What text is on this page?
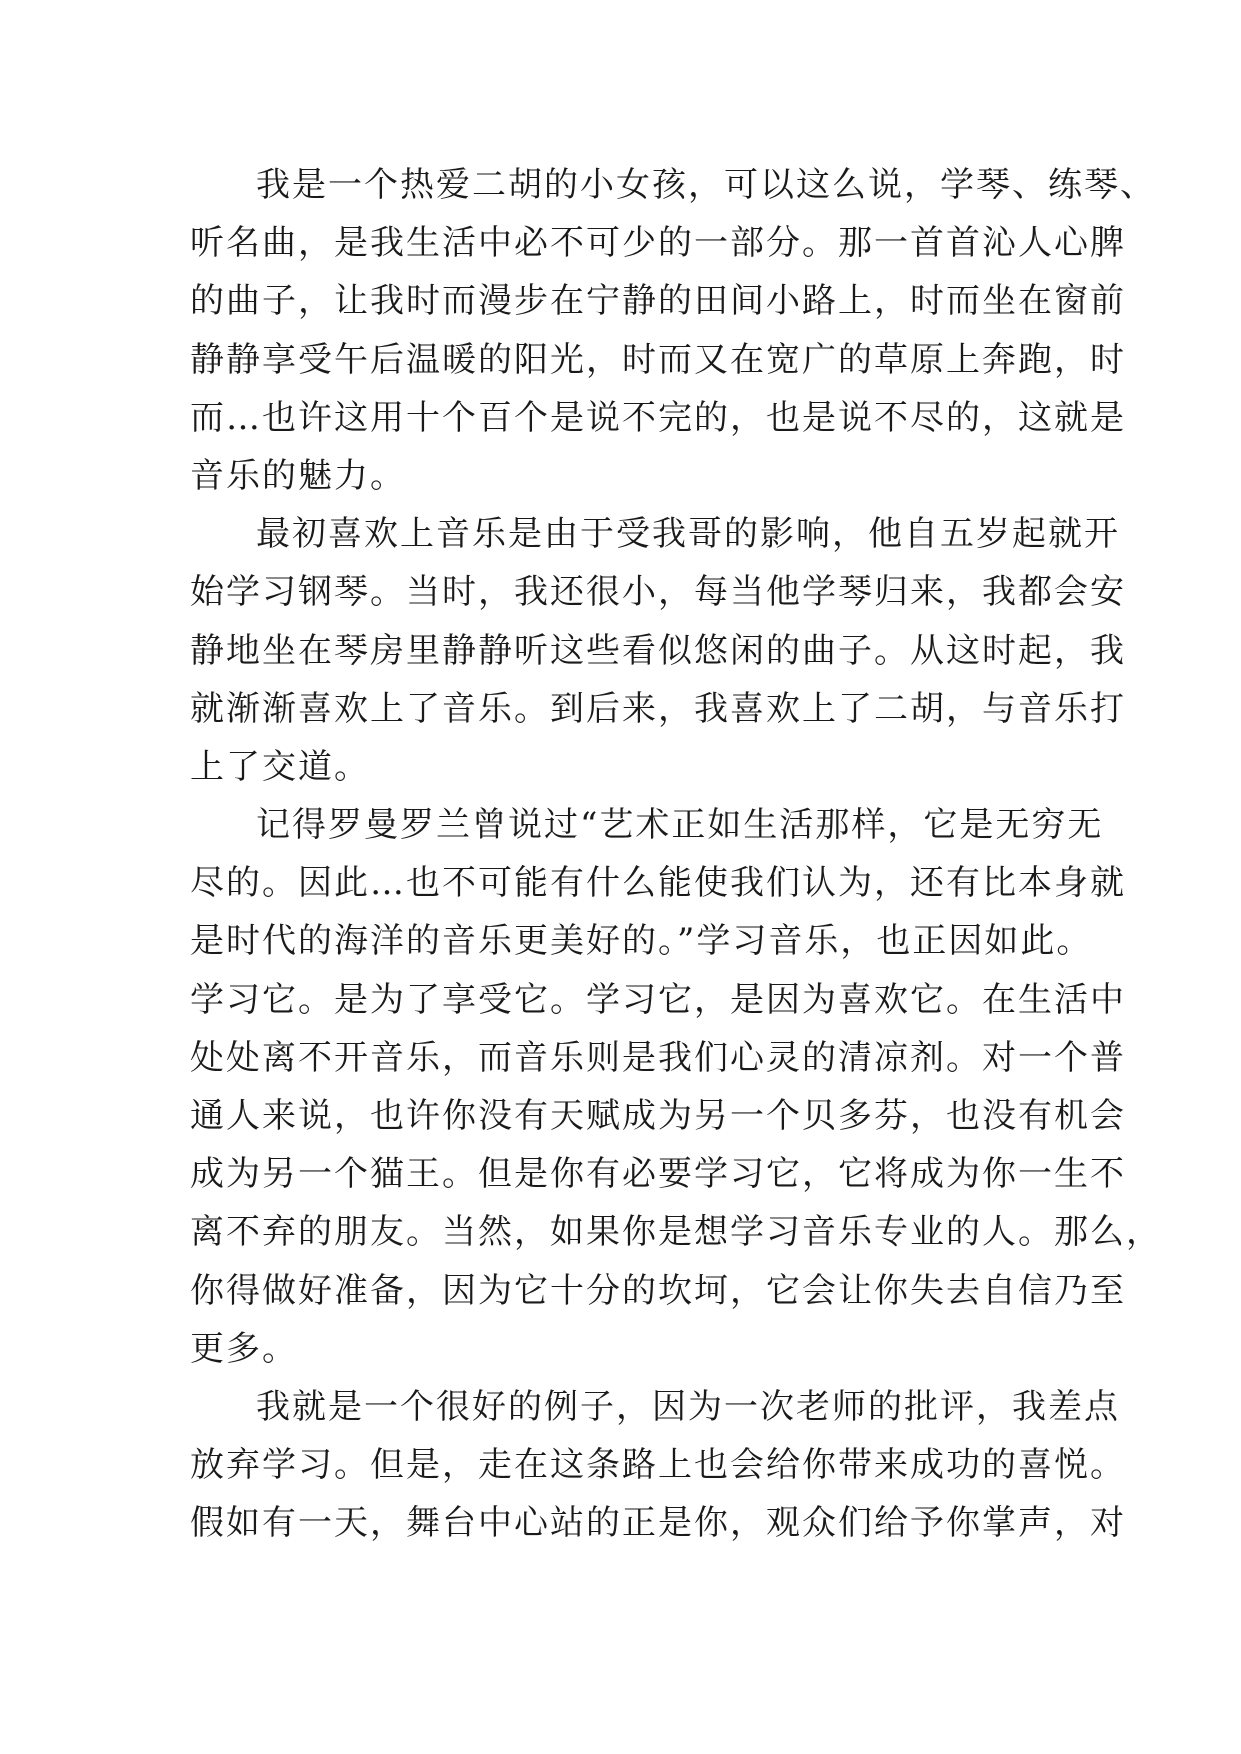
我是一个热爱二胡的小女孩，可以这么说，学琴、练琴、
听名曲，是我生活中必不可少的一部分。那一首首沁人心脾
的曲子，让我时而漫步在宁静的田间小路上，时而坐在窗前
静静享受午后温暖的阳光，时而又在宽广的草原上奔跑，时
而…也许这用十个百个是说不完的，也是说不尽的，这就是
音乐的魅力。
最初喜欢上音乐是由于受我哥的影响，他自五岁起就开
始学习钢琴。当时，我还很小，每当他学琴归来，我都会安
静地坐在琴房里静静听这些看似悠闲的曲子。从这时起，我
就渐渐喜欢上了音乐。到后来，我喜欢上了二胡，与音乐打
上了交道。
记得罗曼罗兰曾说过“艺术正如生活那样，它是无穷无
尽的。因此…也不可能有什么能使我们认为，还有比本身就
是时代的海洋的音乐更美好的。”学习音乐，也正因如此。
学习它。是为了享受它。学习它，是因为喜欢它。在生活中
处处离不开音乐，而音乐则是我们心灵的清凉剂。对一个普
通人来说，也许你没有天赋成为另一个贝多芬，也没有机会
成为另一个猫王。但是你有必要学习它，它将成为你一生不
离不弃的朋友。当然，如果你是想学习音乐专业的人。那么，
你得做好准备，因为它十分的坎坷，它会让你失去自信乃至
更多。
我就是一个很好的例子，因为一次老师的批评，我差点
放弃学习。但是，走在这条路上也会给你带来成功的喜悦。
假如有一天，舞台中心站的正是你，观众们给予你掌声，对
